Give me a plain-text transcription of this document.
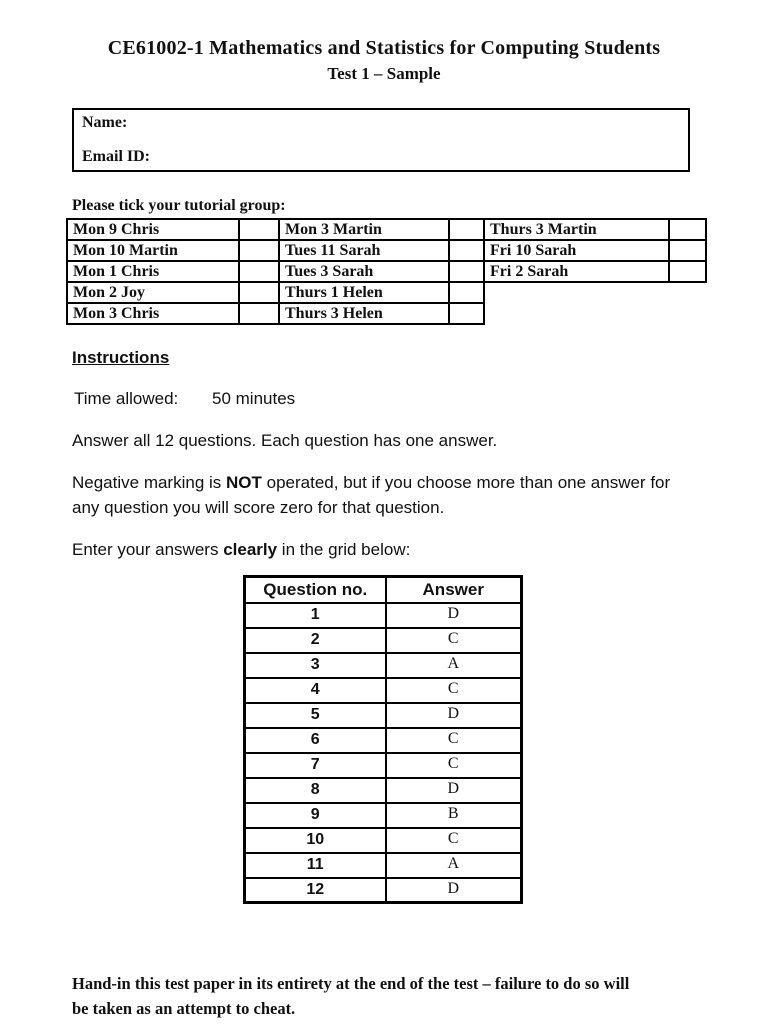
CE61002-1 Mathematics and Statistics for Computing Students
Test 1 – Sample
Name:
Email ID:
Please tick your tutorial group:
Mon 9 Chris		Mon 3 Martin		Thurs 3 Martin	
Mon 10 Martin		Tues 11 Sarah		Fri 10 Sarah	
Mon 1 Chris		Tues 3 Sarah		Fri 2 Sarah	
Mon 2 Joy		Thurs 1 Helen			
Mon 3 Chris		Thurs 3 Helen			
Instructions
Time allowed: 50 minutes

Answer all 12 questions. Each question has one answer.

Negative marking is NOT operated, but if you choose more than one answer for any question you will score zero for that question.

Enter your answers clearly in the grid below:

Question no.	Answer
1	D
2	C
3	A
4	C
5	D
6	C
7	C
8	D
9	B
10	C
11	A
12	D
Hand-in this test paper in its entirety at the end of the test – failure to do so will
be taken as an attempt to cheat.
